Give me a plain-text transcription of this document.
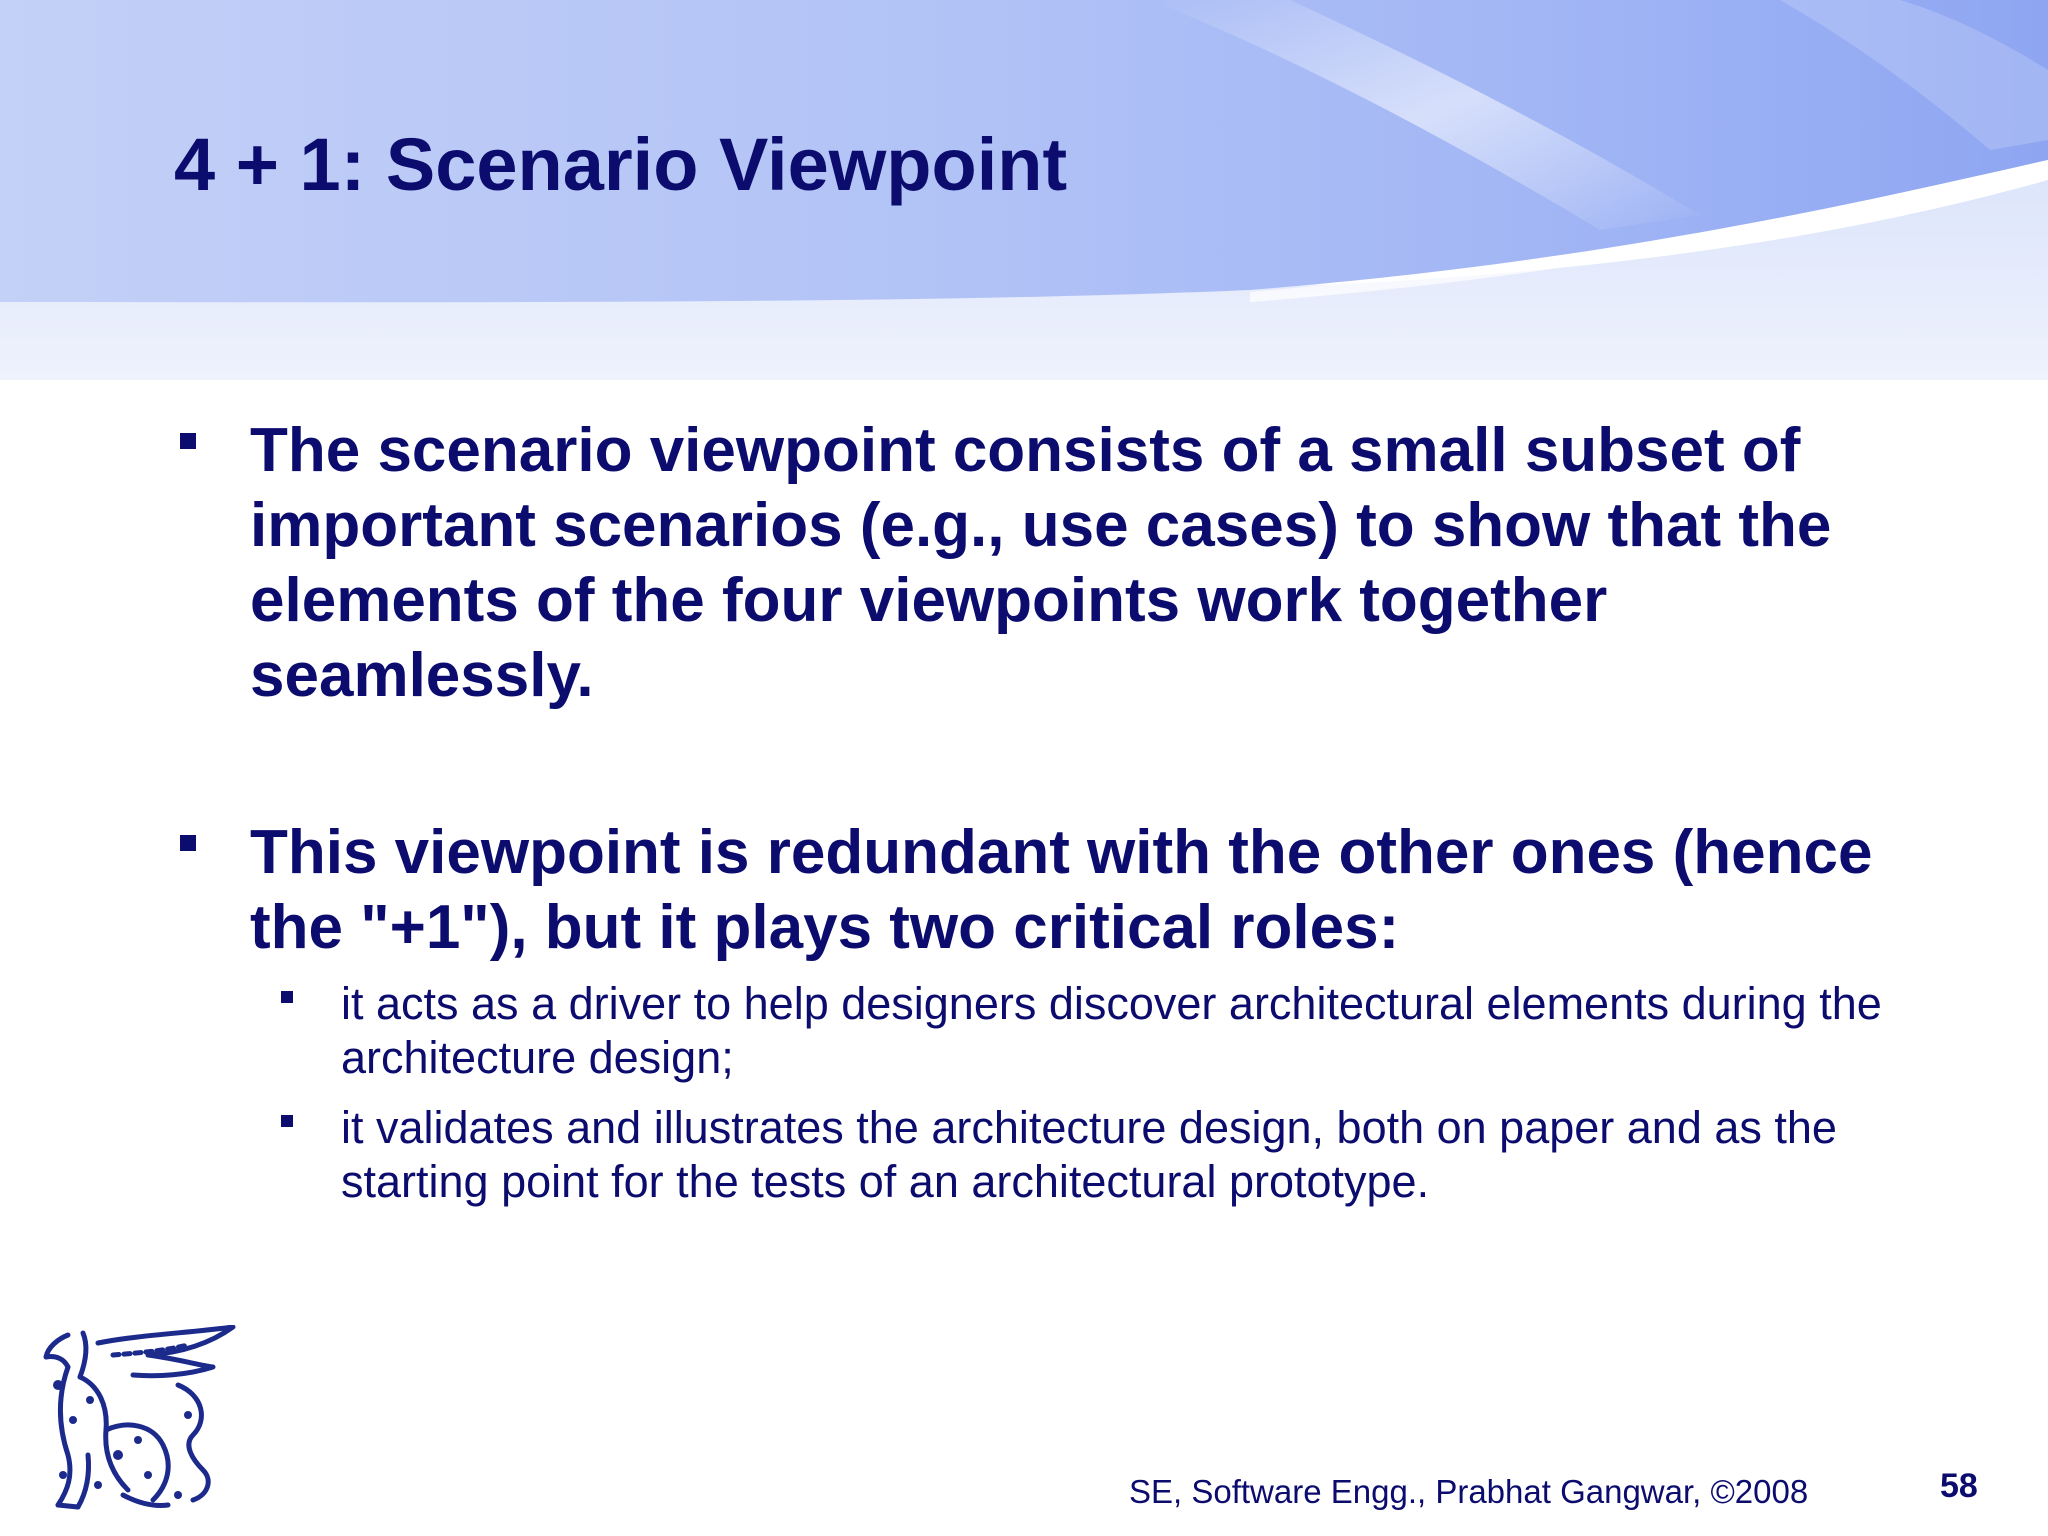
4 + 1: Scenario Viewpoint
The scenario viewpoint consists of a small subset of important scenarios (e.g., use cases) to show that the elements of the four viewpoints work together seamlessly.
This viewpoint is redundant with the other ones (hence the "+1"), but it plays two critical roles:
it acts as a driver to help designers discover architectural elements during the architecture design;
it validates and illustrates the architecture design, both on paper and as the starting point for the tests of an architectural prototype.
SE, Software Engg., Prabhat Gangwar, ©2008	58
